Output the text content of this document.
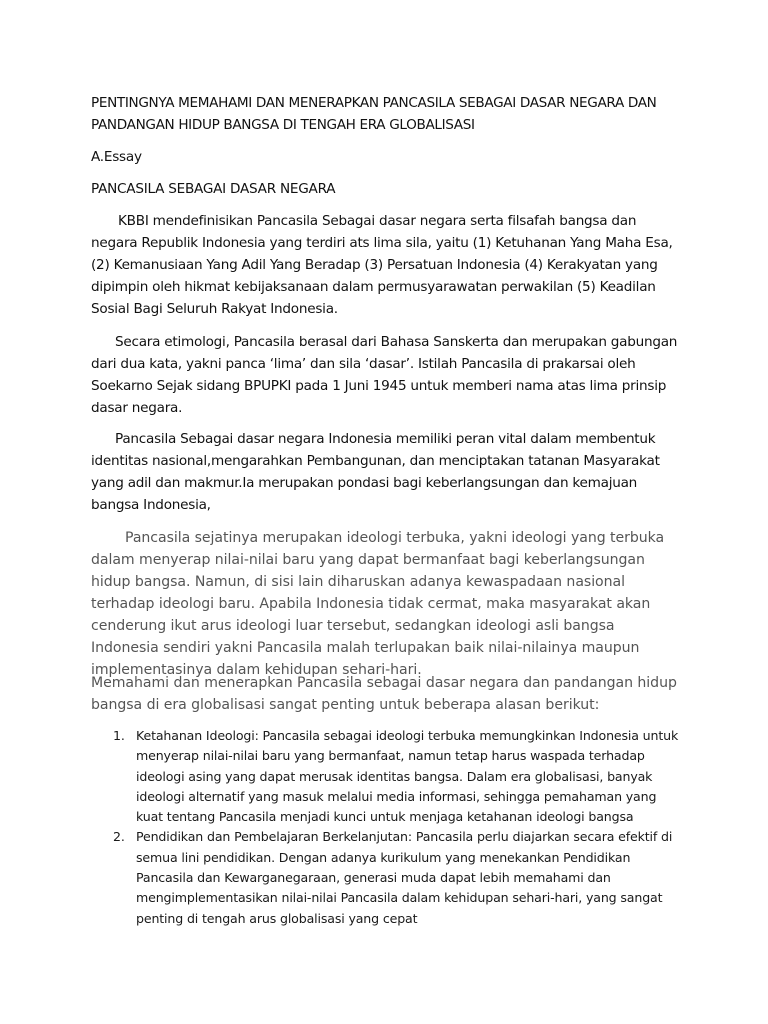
PENTINGNYA MEMAHAMI DAN MENERAPKAN PANCASILA SEBAGAI DASAR NEGARA DAN PANDANGAN HIDUP BANGSA DI TENGAH ERA GLOBALISASI

A.Essay

PANCASILA SEBAGAI DASAR NEGARA

KBBI mendefinisikan Pancasila Sebagai dasar negara serta filsafah bangsa dan negara Republik Indonesia yang terdiri ats lima sila, yaitu (1) Ketuhanan Yang Maha Esa, (2) Kemanusiaan Yang Adil Yang Beradap (3) Persatuan Indonesia (4) Kerakyatan yang dipimpin oleh hikmat kebijaksanaan dalam permusyarawatan perwakilan (5) Keadilan Sosial Bagi Seluruh Rakyat Indonesia.

Secara etimologi, Pancasila berasal dari Bahasa Sanskerta dan merupakan gabungan dari dua kata, yakni panca ‘lima’ dan sila ‘dasar’. Istilah Pancasila di prakarsai oleh Soekarno Sejak sidang BPUPKI pada 1 Juni 1945 untuk memberi nama atas lima prinsip dasar negara.

Pancasila Sebagai dasar negara Indonesia memiliki peran vital dalam membentuk identitas nasional,mengarahkan Pembangunan, dan menciptakan tatanan Masyarakat yang adil dan makmur.Ia merupakan pondasi bagi keberlangsungan dan kemajuan bangsa Indonesia,

Pancasila sejatinya merupakan ideologi terbuka, yakni ideologi yang terbuka dalam menyerap nilai-nilai baru yang dapat bermanfaat bagi keberlangsungan hidup bangsa. Namun, di sisi lain diharuskan adanya kewaspadaan nasional terhadap ideologi baru. Apabila Indonesia tidak cermat, maka masyarakat akan cenderung ikut arus ideologi luar tersebut, sedangkan ideologi asli bangsa Indonesia sendiri yakni Pancasila malah terlupakan baik nilai-nilainya maupun implementasinya dalam kehidupan sehari-hari.

Memahami dan menerapkan Pancasila sebagai dasar negara dan pandangan hidup bangsa di era globalisasi sangat penting untuk beberapa alasan berikut:

1. Ketahanan Ideologi: Pancasila sebagai ideologi terbuka memungkinkan Indonesia untuk menyerap nilai-nilai baru yang bermanfaat, namun tetap harus waspada terhadap ideologi asing yang dapat merusak identitas bangsa. Dalam era globalisasi, banyak ideologi alternatif yang masuk melalui media informasi, sehingga pemahaman yang kuat tentang Pancasila menjadi kunci untuk menjaga ketahanan ideologi bangsa
2. Pendidikan dan Pembelajaran Berkelanjutan: Pancasila perlu diajarkan secara efektif di semua lini pendidikan. Dengan adanya kurikulum yang menekankan Pendidikan Pancasila dan Kewarganegaraan, generasi muda dapat lebih memahami dan mengimplementasikan nilai-nilai Pancasila dalam kehidupan sehari-hari, yang sangat penting di tengah arus globalisasi yang cepat
